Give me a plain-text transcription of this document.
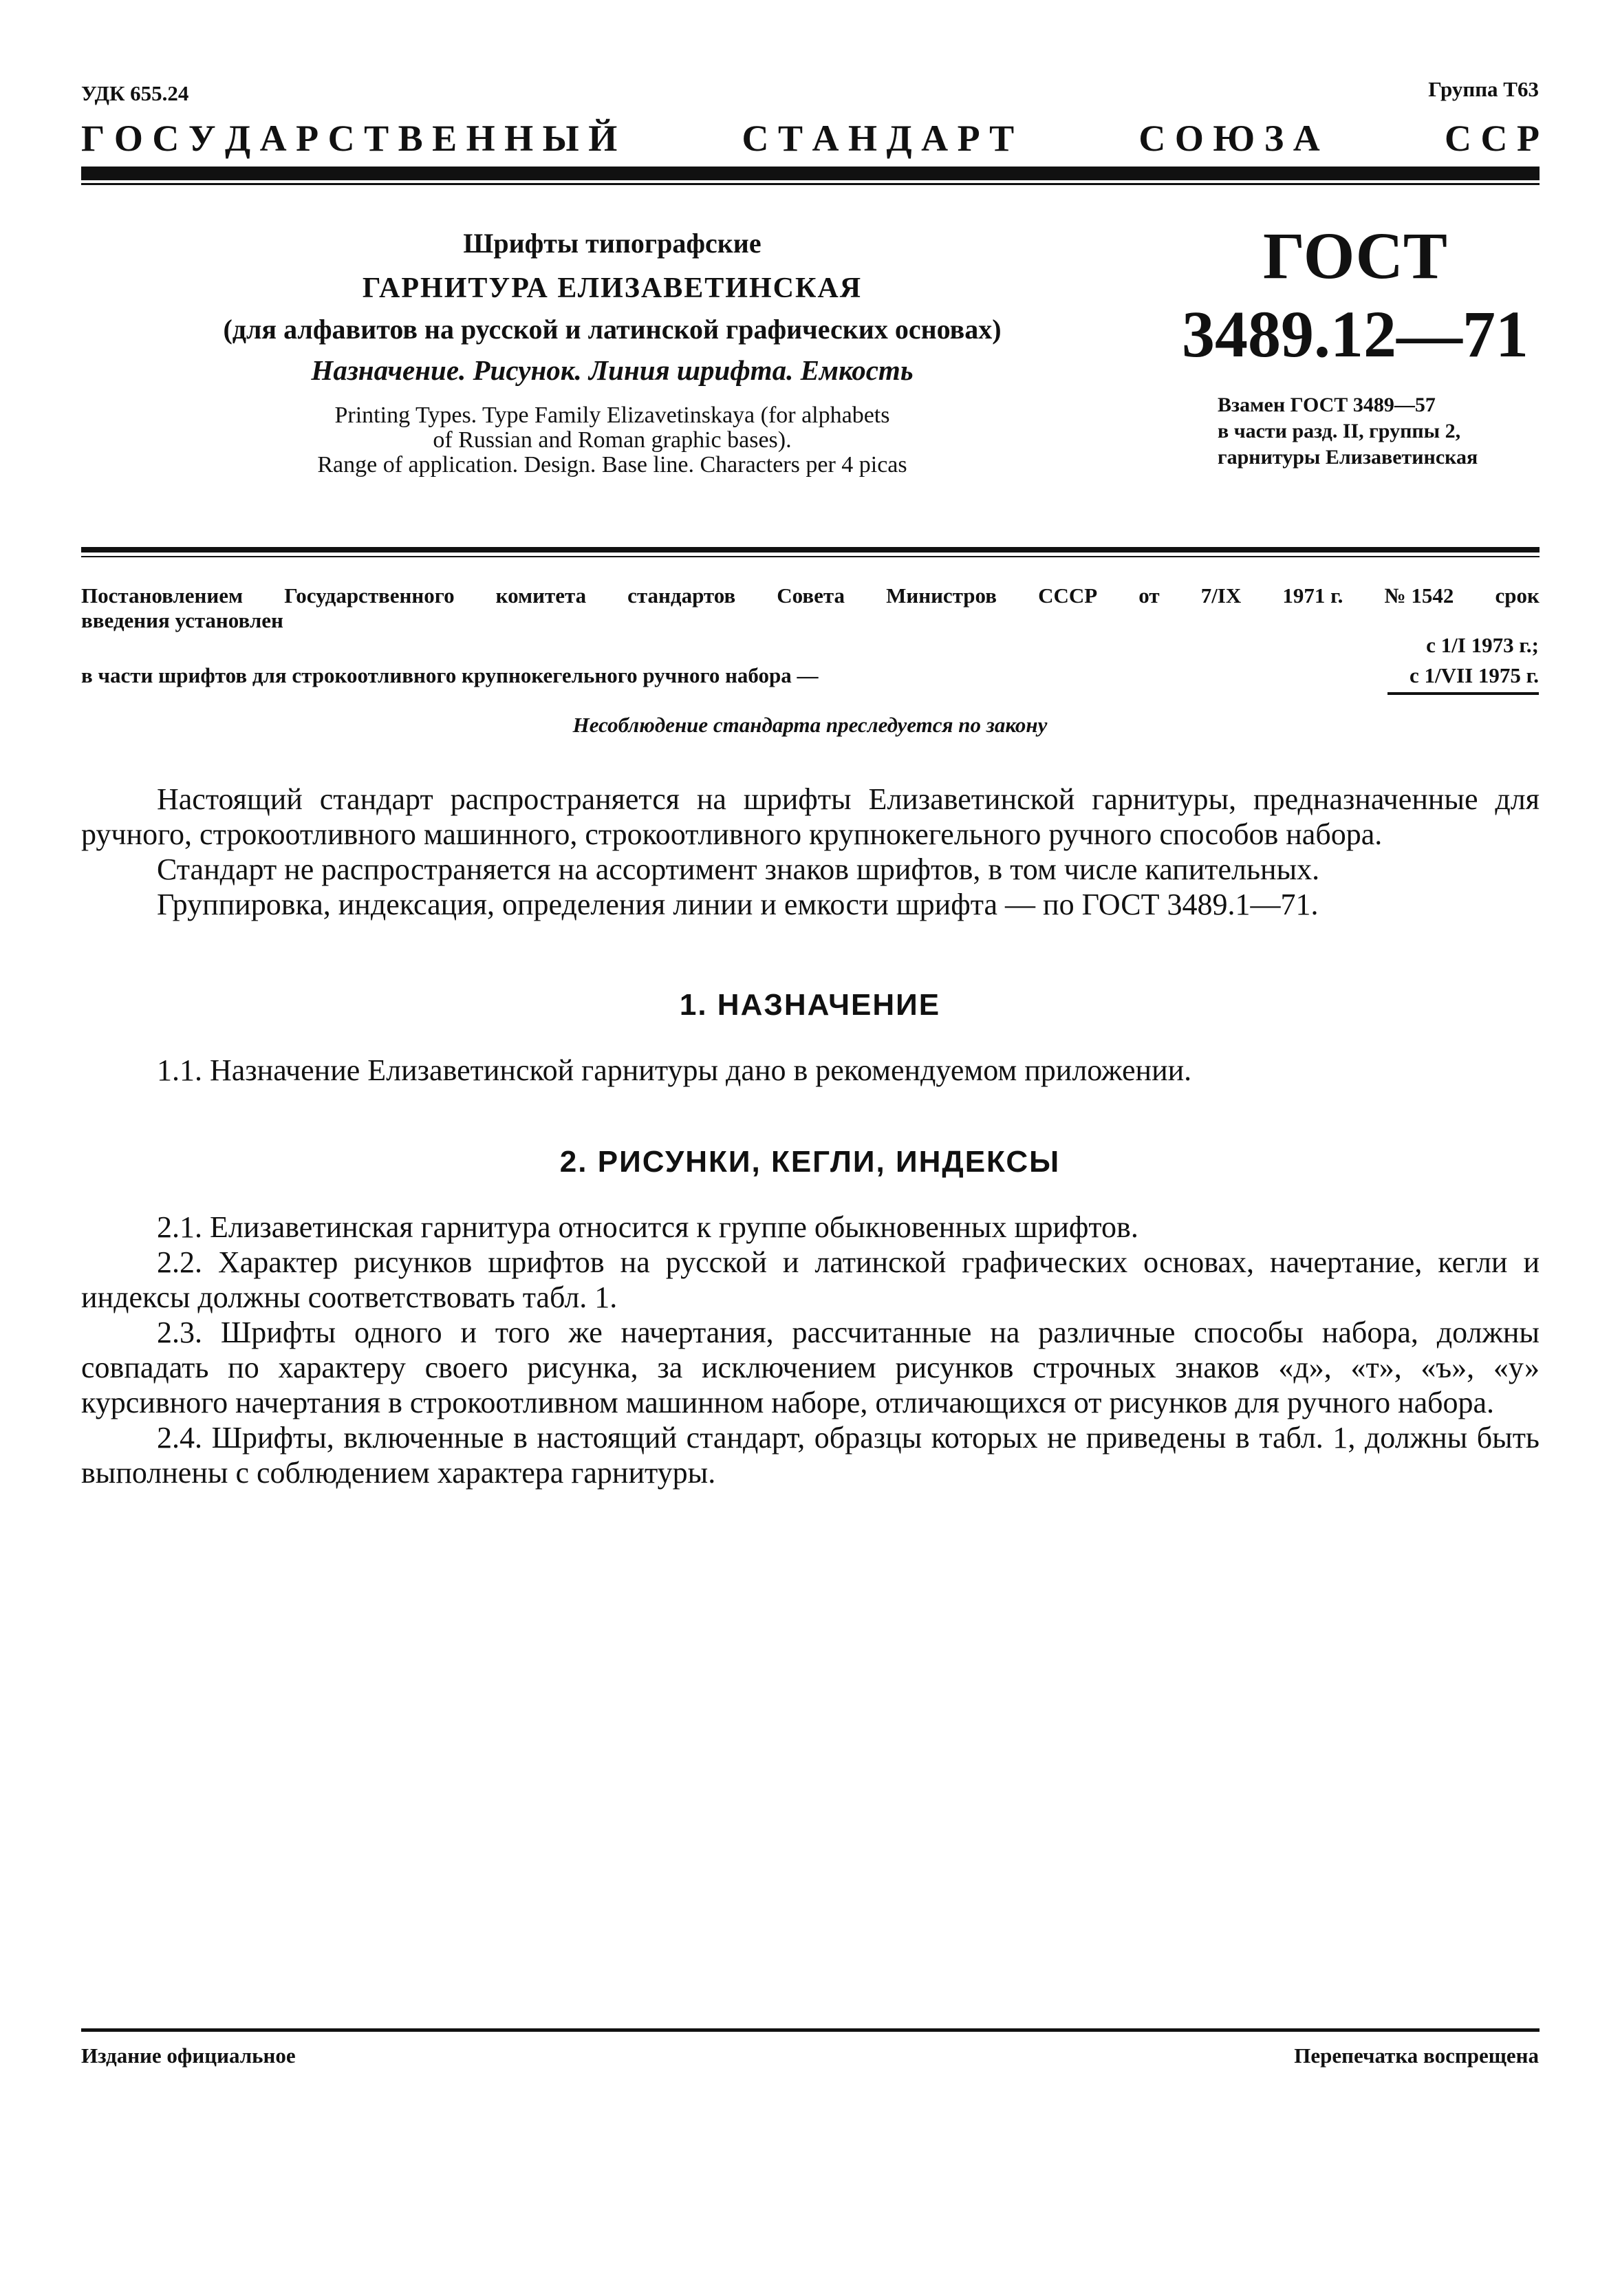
УДК 655.24	Группа Т63
Г О С У Д А Р С Т В Е Н Н Ы Й	С Т А Н Д А Р Т	С О Ю З А	С С Р
Шрифты типографские
ГАРНИТУРА ЕЛИЗАВЕТИНСКАЯ
(для алфавитов на русской и латинской графических основах)
Назначение. Рисунок. Линия шрифта. Емкость
Printing Types. Type Family Elizavetinskaya (for alphabets
of Russian and Roman graphic bases).
Range of application. Design. Base line. Characters per 4 picas
ГОСТ
3489.12—71
Взамен ГОСТ 3489—57
в части разд. II, группы 2,
гарнитуры Елизаветинская
Постановлением Государственного комитета стандартов Совета Министров СССР от 7/IX 1971 г. № 1542 срок
введения установлен
с 1/I 1973 г.;
в части шрифтов для строкоотливного крупнокегельного ручного набора —	с 1/VII 1975 г.
Несоблюдение стандарта преследуется по закону

Настоящий стандарт распространяется на шрифты Елизаветинской гарнитуры, предназначенные для ручного, строкоотливного машинного, строкоотливного крупнокегельного ручного способов набора.

Стандарт не распространяется на ассортимент знаков шрифтов, в том числе капительных.

Группировка, индексация, определения линии и емкости шрифта — по ГОСТ 3489.1—71.

1. НАЗНАЧЕНИЕ

1.1. Назначение Елизаветинской гарнитуры дано в рекомендуемом приложении.

2. РИСУНКИ, КЕГЛИ, ИНДЕКСЫ

2.1. Елизаветинская гарнитура относится к группе обыкновенных шрифтов.

2.2. Характер рисунков шрифтов на русской и латинской графических основах, начертание, кегли и индексы должны соответствовать табл. 1.

2.3. Шрифты одного и того же начертания, рассчитанные на различные способы набора, должны совпадать по характеру своего рисунка, за исключением рисунков строчных знаков «д», «т», «ъ», «у» курсивного начертания в строкоотливном машинном наборе, отличающихся от рисунков для ручного набора.

2.4. Шрифты, включенные в настоящий стандарт, образцы которых не приведены в табл. 1, должны быть выполнены с соблюдением характера гарнитуры.

Издание официальное	Перепечатка воспрещена
